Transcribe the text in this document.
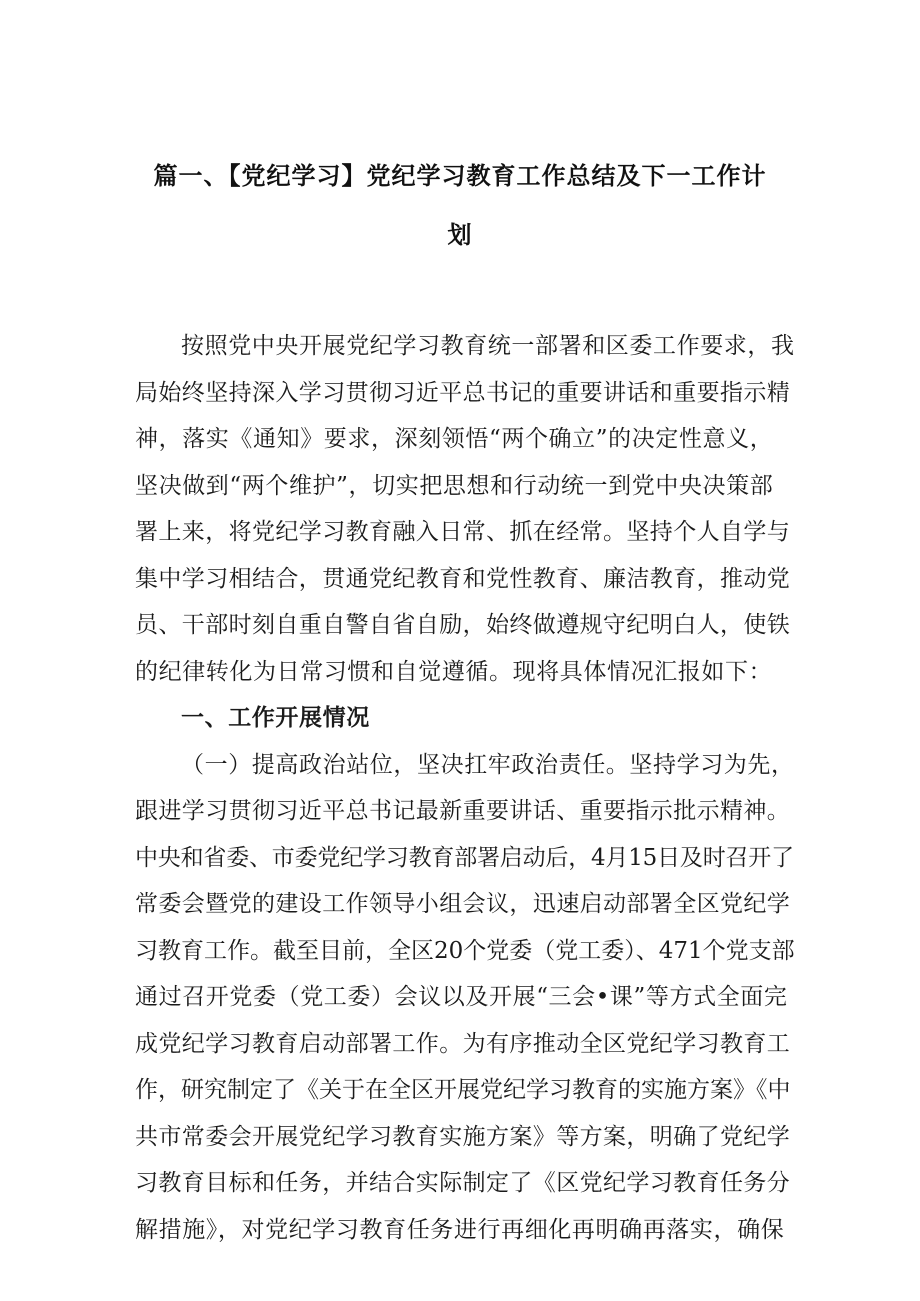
篇一、【党纪学习】党纪学习教育工作总结及下一工作计
划
按照党中央开展党纪学习教育统一部署和区委工作要求，我
局始终坚持深入学习贯彻习近平总书记的重要讲话和重要指示精
神，落实《通知》要求，深刻领悟“两个确立”的决定性意义，
坚决做到“两个维护”，切实把思想和行动统一到党中央决策部
署上来，将党纪学习教育融入日常、抓在经常。坚持个人自学与
集中学习相结合，贯通党纪教育和党性教育、廉洁教育，推动党
员、干部时刻自重自警自省自励，始终做遵规守纪明白人，使铁
的纪律转化为日常习惯和自觉遵循。现将具体情况汇报如下：
一、工作开展情况
（一）提高政治站位，坚决扛牢政治责任。坚持学习为先，
跟进学习贯彻习近平总书记最新重要讲话、重要指示批示精神。
中央和省委、市委党纪学习教育部署启动后，4月15日及时召开了
常委会暨党的建设工作领导小组会议，迅速启动部署全区党纪学
习教育工作。截至目前，全区20个党委（党工委）、471个党支部
通过召开党委（党工委）会议以及开展“三会•课”等方式全面完
成党纪学习教育启动部署工作。为有序推动全区党纪学习教育工
作，研究制定了《关于在全区开展党纪学习教育的实施方案》《中
共市常委会开展党纪学习教育实施方案》等方案，明确了党纪学
习教育目标和任务，并结合实际制定了《区党纪学习教育任务分
解措施》，对党纪学习教育任务进行再细化再明确再落实，确保
